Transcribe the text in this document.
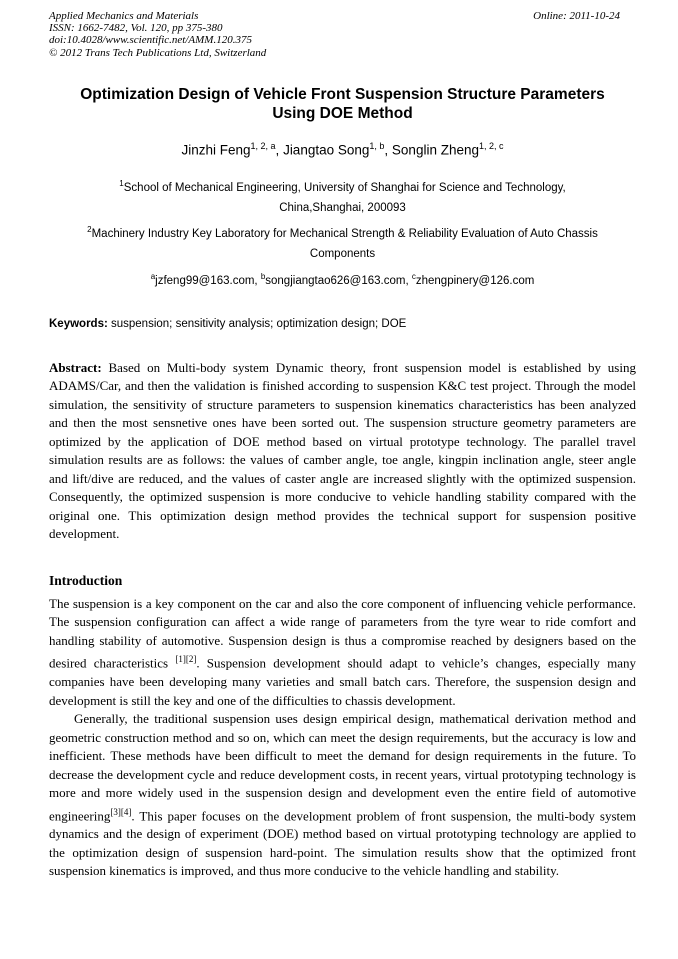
Applied Mechanics and Materials
ISSN: 1662-7482, Vol. 120, pp 375-380
doi:10.4028/www.scientific.net/AMM.120.375
© 2012 Trans Tech Publications Ltd, Switzerland
Online: 2011-10-24
Optimization Design of Vehicle Front Suspension Structure Parameters
Using DOE Method
Jinzhi Feng$^{1, 2, a}$, Jiangtao Song$^{1, b}$, Songlin Zheng$^{1, 2, c}$
$^1$School of Mechanical Engineering, University of Shanghai for Science and Technology, China,Shanghai, 200093
$^2$Machinery Industry Key Laboratory for Mechanical Strength & Reliability Evaluation of Auto Chassis Components
$^a$jzfeng99@163.com, $^b$songjiangtao626@163.com, $^c$zhengpinery@126.com
Keywords: suspension; sensitivity analysis; optimization design; DOE

Abstract: Based on Multi-body system Dynamic theory, front suspension model is established by using ADAMS/Car, and then the validation is finished according to suspension K&C test project. Through the model simulation, the sensitivity of structure parameters to suspension kinematics characteristics has been analyzed and then the most sensnetive ones have been sorted out. The suspension structure geometry parameters are optimized by the application of DOE method based on virtual prototype technology. The parallel travel simulation results are as follows: the values of camber angle, toe angle, kingpin inclination angle, steer angle and lift/dive are reduced, and the values of caster angle are increased slightly with the optimized suspension. Consequently, the optimized suspension is more conducive to vehicle handling stability compared with the original one. This optimization design method provides the technical support for suspension positive development.

Introduction

The suspension is a key component on the car and also the core component of influencing vehicle performance. The suspension configuration can affect a wide range of parameters from the tyre wear to ride comfort and handling stability of automotive. Suspension design is thus a compromise reached by designers based on the desired characteristics [1][2]. Suspension development should adapt to vehicle’s changes, especially many companies have been developing many varieties and small batch cars. Therefore, the suspension design and development is still the key and one of the difficulties to chassis development.

Generally, the traditional suspension uses design empirical design, mathematical derivation method and geometric construction method and so on, which can meet the design requirements, but the accuracy is low and inefficient. These methods have been difficult to meet the demand for design requirements in the future. To decrease the development cycle and reduce development costs, in recent years, virtual prototyping technology is more and more widely used in the suspension design and development even the entire field of automotive engineering[3][4]. This paper focuses on the development problem of front suspension, the multi-body system dynamics and the design of experiment (DOE) method based on virtual prototyping technology are applied to the optimization design of suspension hard-point. The simulation results show that the optimized front suspension kinematics is improved, and thus more conducive to the vehicle handling and stability.
